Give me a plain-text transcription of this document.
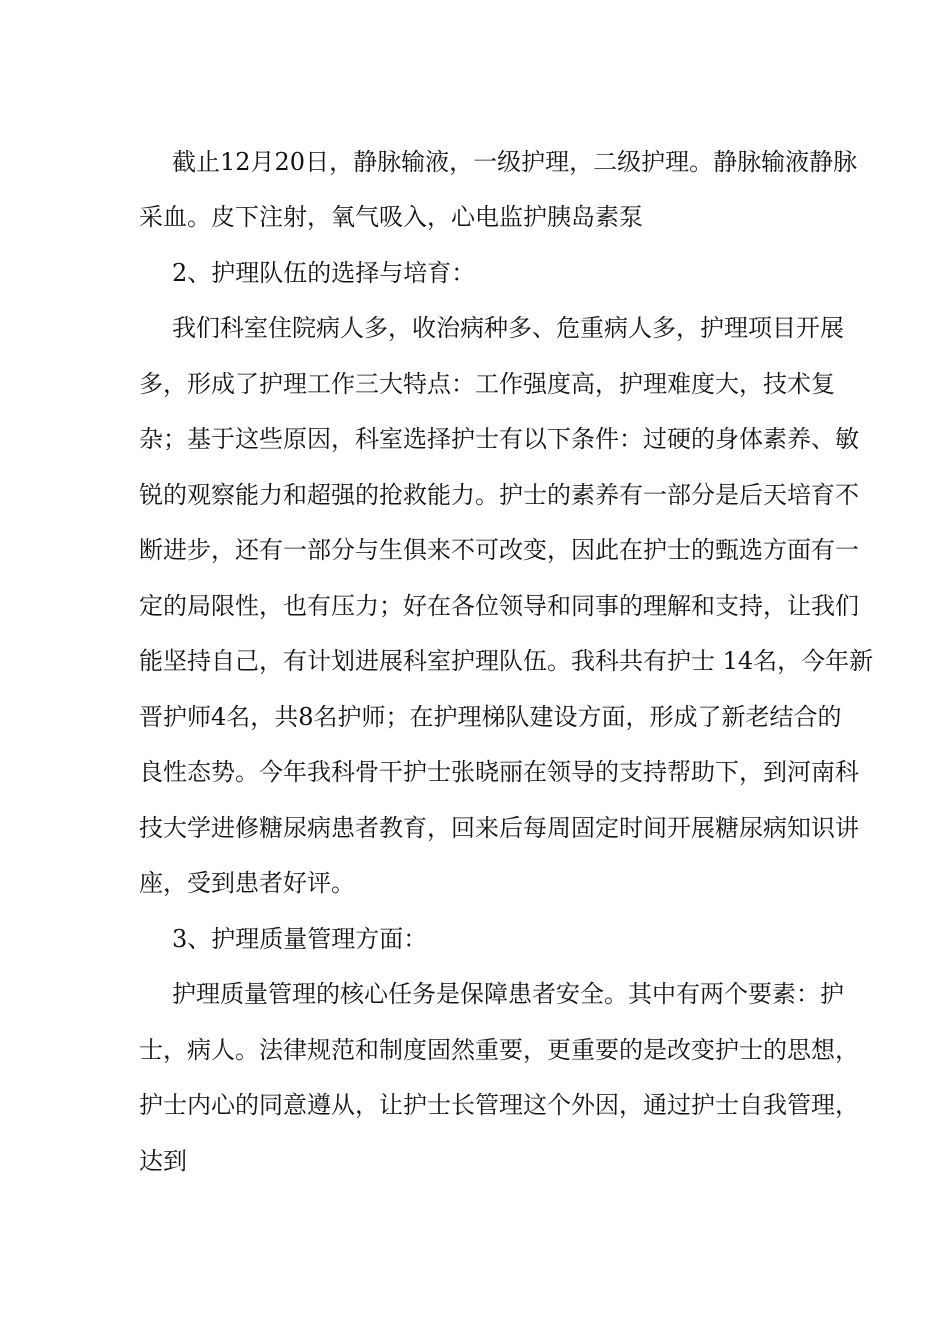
截止12月20日，静脉输液，一级护理，二级护理。静脉输液静脉
采血。皮下注射，氧气吸入，心电监护胰岛素泵
2、护理队伍的选择与培育：
我们科室住院病人多，收治病种多、危重病人多，护理项目开展
多，形成了护理工作三大特点：工作强度高，护理难度大，技术复
杂；基于这些原因，科室选择护士有以下条件：过硬的身体素养、敏
锐的观察能力和超强的抢救能力。护士的素养有一部分是后天培育不
断进步，还有一部分与生俱来不可改变，因此在护士的甄选方面有一
定的局限性，也有压力；好在各位领导和同事的理解和支持，让我们
能坚持自己，有计划进展科室护理队伍。我科共有护士 14名，今年新
晋护师4名，共8名护师；在护理梯队建设方面，形成了新老结合的
良性态势。今年我科骨干护士张晓丽在领导的支持帮助下，到河南科
技大学进修糖尿病患者教育，回来后每周固定时间开展糖尿病知识讲
座，受到患者好评。
3、护理质量管理方面：
护理质量管理的核心任务是保障患者安全。其中有两个要素：护
士，病人。法律规范和制度固然重要，更重要的是改变护士的思想，
护士内心的同意遵从，让护士长管理这个外因，通过护士自我管理，
达到
